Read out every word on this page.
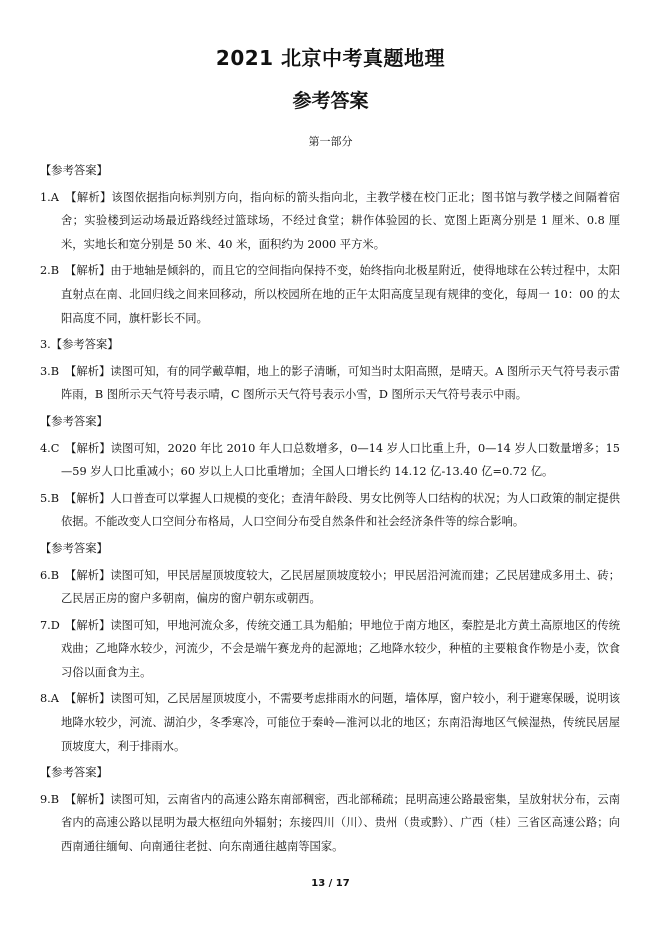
2021 北京中考真题地理
参考答案
第一部分
【参考答案】
1.A 【解析】该图依据指向标判别方向，指向标的箭头指向北，主教学楼在校门正北；图书馆与教学楼之间隔着宿舍；实验楼到运动场最近路线经过篮球场，不经过食堂；耕作体验园的长、宽图上距离分别是 1 厘米、0.8 厘米，实地长和宽分别是 50 米、40 米，面积约为 2000 平方米。
2.B 【解析】由于地轴是倾斜的，而且它的空间指向保持不变，始终指向北极星附近，使得地球在公转过程中，太阳直射点在南、北回归线之间来回移动，所以校园所在地的正午太阳高度呈现有规律的变化，每周一 10：00 的太阳高度不同，旗杆影长不同。
3.【参考答案】
3.B 【解析】读图可知，有的同学戴草帽，地上的影子清晰，可知当时太阳高照，是晴天。A 图所示天气符号表示雷阵雨，B 图所示天气符号表示晴，C 图所示天气符号表示小雪，D 图所示天气符号表示中雨。
【参考答案】
4.C 【解析】读图可知，2020 年比 2010 年人口总数增多，0—14 岁人口比重上升，0—14 岁人口数量增多；15—59 岁人口比重减小；60 岁以上人口比重增加；全国人口增长约 14.12 亿-13.40 亿=0.72 亿。
5.B 【解析】人口普查可以掌握人口规模的变化；查清年龄段、男女比例等人口结构的状况；为人口政策的制定提供依据。不能改变人口空间分布格局，人口空间分布受自然条件和社会经济条件等的综合影响。
【参考答案】
6.B 【解析】读图可知，甲民居屋顶坡度较大，乙民居屋顶坡度较小；甲民居沿河流而建；乙民居建成多用土、砖；乙民居正房的窗户多朝南，偏房的窗户朝东或朝西。
7.D 【解析】读图可知，甲地河流众多，传统交通工具为船舶；甲地位于南方地区，秦腔是北方黄土高原地区的传统戏曲；乙地降水较少，河流少，不会是端午赛龙舟的起源地；乙地降水较少，种植的主要粮食作物是小麦，饮食习俗以面食为主。
8.A 【解析】读图可知，乙民居屋顶坡度小，不需要考虑排雨水的问题，墙体厚，窗户较小，利于避寒保暖，说明该地降水较少，河流、湖泊少，冬季寒冷，可能位于秦岭—淮河以北的地区；东南沿海地区气候湿热，传统民居屋顶坡度大，利于排雨水。
【参考答案】
9.B 【解析】读图可知，云南省内的高速公路东南部稠密，西北部稀疏；昆明高速公路最密集，呈放射状分布，云南省内的高速公路以昆明为最大枢纽向外辐射；东接四川（川）、贵州（贵或黔）、广西（桂）三省区高速公路；向西南通往缅甸、向南通往老挝、向东南通往越南等国家。
13 / 17
